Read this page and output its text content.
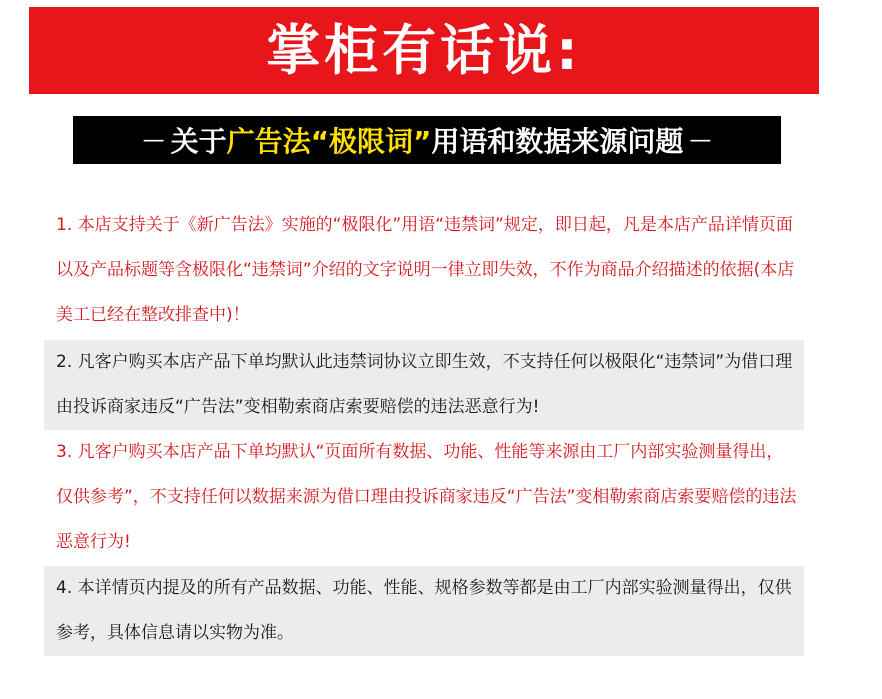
掌柜有话说:
— 关于 广告法“极限词” 用语和数据来源问题 —
1. 本店支持关于《新广告法》实施的“极限化”用语“违禁词”规定，即日起，凡是本店产品详情页面以及产品标题等含极限化“违禁词”介绍的文字说明一律立即失效，不作为商品介绍描述的依据(本店美工已经在整改排查中)！
2. 凡客户购买本店产品下单均默认此违禁词协议立即生效，不支持任何以极限化“违禁词”为借口理由投诉商家违反“广告法”变相勒索商店索要赔偿的违法恶意行为!
3. 凡客户购买本店产品下单均默认“页面所有数据、功能、性能等来源由工厂内部实验测量得出，仅供参考”，不支持任何以数据来源为借口理由投诉商家违反“广告法”变相勒索商店索要赔偿的违法恶意行为!
4. 本详情页内提及的所有产品数据、功能、性能、规格参数等都是由工厂内部实验测量得出，仅供参考，具体信息请以实物为准。
